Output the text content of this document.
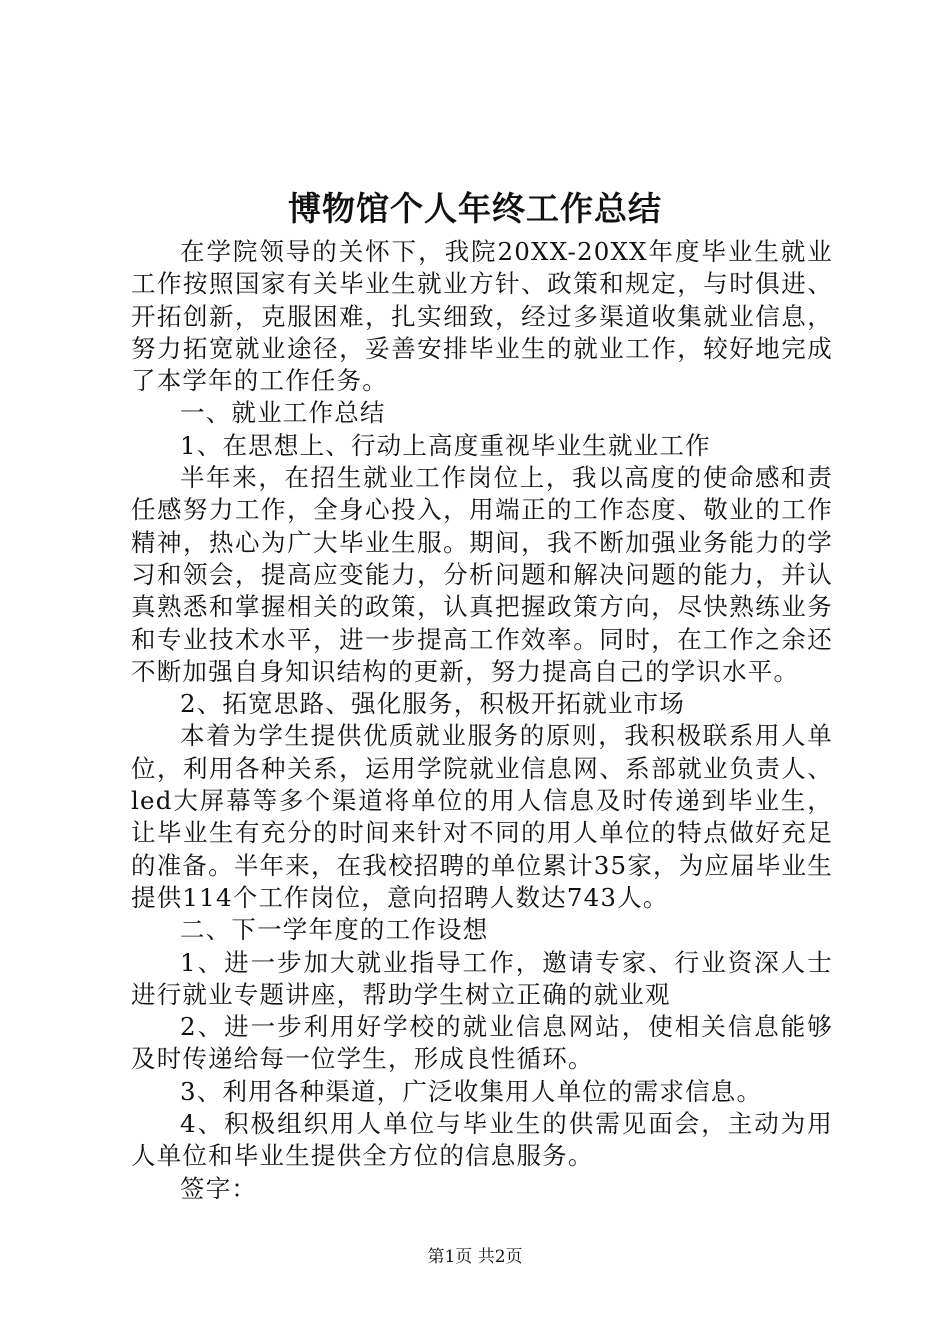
博物馆个人年终工作总结

在学院领导的关怀下，我院20XX-20XX年度毕业生就业工作按照国家有关毕业生就业方针、政策和规定，与时俱进、开拓创新，克服困难，扎实细致，经过多渠道收集就业信息，努力拓宽就业途径，妥善安排毕业生的就业工作，较好地完成了本学年的工作任务。

一、就业工作总结

1、在思想上、行动上高度重视毕业生就业工作

半年来，在招生就业工作岗位上，我以高度的使命感和责任感努力工作，全身心投入，用端正的工作态度、敬业的工作精神，热心为广大毕业生服。期间，我不断加强业务能力的学习和领会，提高应变能力，分析问题和解决问题的能力，并认真熟悉和掌握相关的政策，认真把握政策方向，尽快熟练业务和专业技术水平，进一步提高工作效率。同时，在工作之余还不断加强自身知识结构的更新，努力提高自己的学识水平。

2、拓宽思路、强化服务，积极开拓就业市场

本着为学生提供优质就业服务的原则，我积极联系用人单位，利用各种关系，运用学院就业信息网、系部就业负责人、led大屏幕等多个渠道将单位的用人信息及时传递到毕业生，让毕业生有充分的时间来针对不同的用人单位的特点做好充足的准备。半年来，在我校招聘的单位累计35家，为应届毕业生提供114个工作岗位，意向招聘人数达743人。

二、下一学年度的工作设想

1、进一步加大就业指导工作，邀请专家、行业资深人士进行就业专题讲座，帮助学生树立正确的就业观

2、进一步利用好学校的就业信息网站，使相关信息能够及时传递给每一位学生，形成良性循环。

3、利用各种渠道，广泛收集用人单位的需求信息。

4、积极组织用人单位与毕业生的供需见面会，主动为用人单位和毕业生提供全方位的信息服务。

签字：

第1页 共2页
